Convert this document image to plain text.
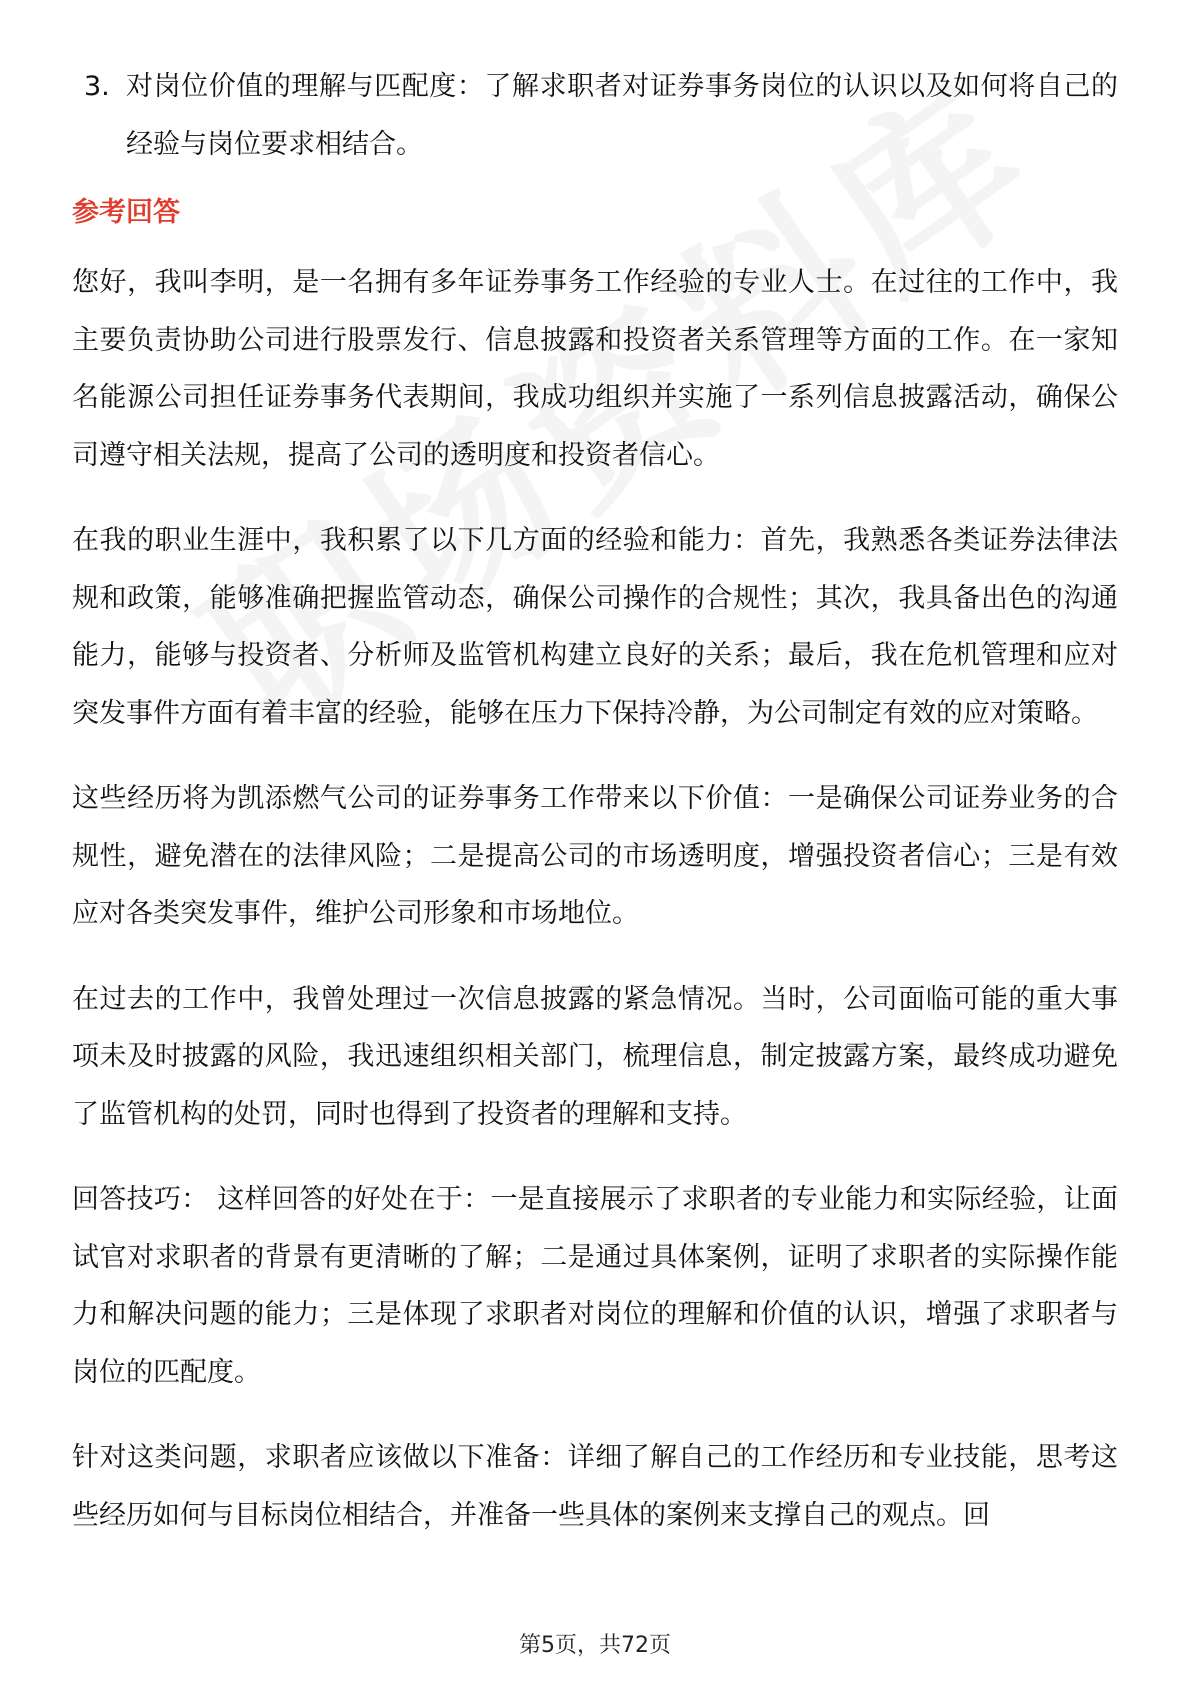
3. 对岗位价值的理解与匹配度：了解求职者对证券事务岗位的认识以及如何将自己的经验与岗位要求相结合。
参考回答

您好，我叫李明，是一名拥有多年证券事务工作经验的专业人士。在过往的工作中，我主要负责协助公司进行股票发行、信息披露和投资者关系管理等方面的工作。在一家知名能源公司担任证券事务代表期间，我成功组织并实施了一系列信息披露活动，确保公司遵守相关法规，提高了公司的透明度和投资者信心。

在我的职业生涯中，我积累了以下几方面的经验和能力：首先，我熟悉各类证券法律法规和政策，能够准确把握监管动态，确保公司操作的合规性；其次，我具备出色的沟通能力，能够与投资者、分析师及监管机构建立良好的关系；最后，我在危机管理和应对突发事件方面有着丰富的经验，能够在压力下保持冷静，为公司制定有效的应对策略。

这些经历将为凯添燃气公司的证券事务工作带来以下价值：一是确保公司证券业务的合规性，避免潜在的法律风险；二是提高公司的市场透明度，增强投资者信心；三是有效应对各类突发事件，维护公司形象和市场地位。

在过去的工作中，我曾处理过一次信息披露的紧急情况。当时，公司面临可能的重大事项未及时披露的风险，我迅速组织相关部门，梳理信息，制定披露方案，最终成功避免了监管机构的处罚，同时也得到了投资者的理解和支持。

回答技巧： 这样回答的好处在于：一是直接展示了求职者的专业能力和实际经验，让面试官对求职者的背景有更清晰的了解；二是通过具体案例，证明了求职者的实际操作能力和解决问题的能力；三是体现了求职者对岗位的理解和价值的认识，增强了求职者与岗位的匹配度。

针对这类问题，求职者应该做以下准备：详细了解自己的工作经历和专业技能，思考这些经历如何与目标岗位相结合，并准备一些具体的案例来支撑自己的观点。回

第5页，共72页
